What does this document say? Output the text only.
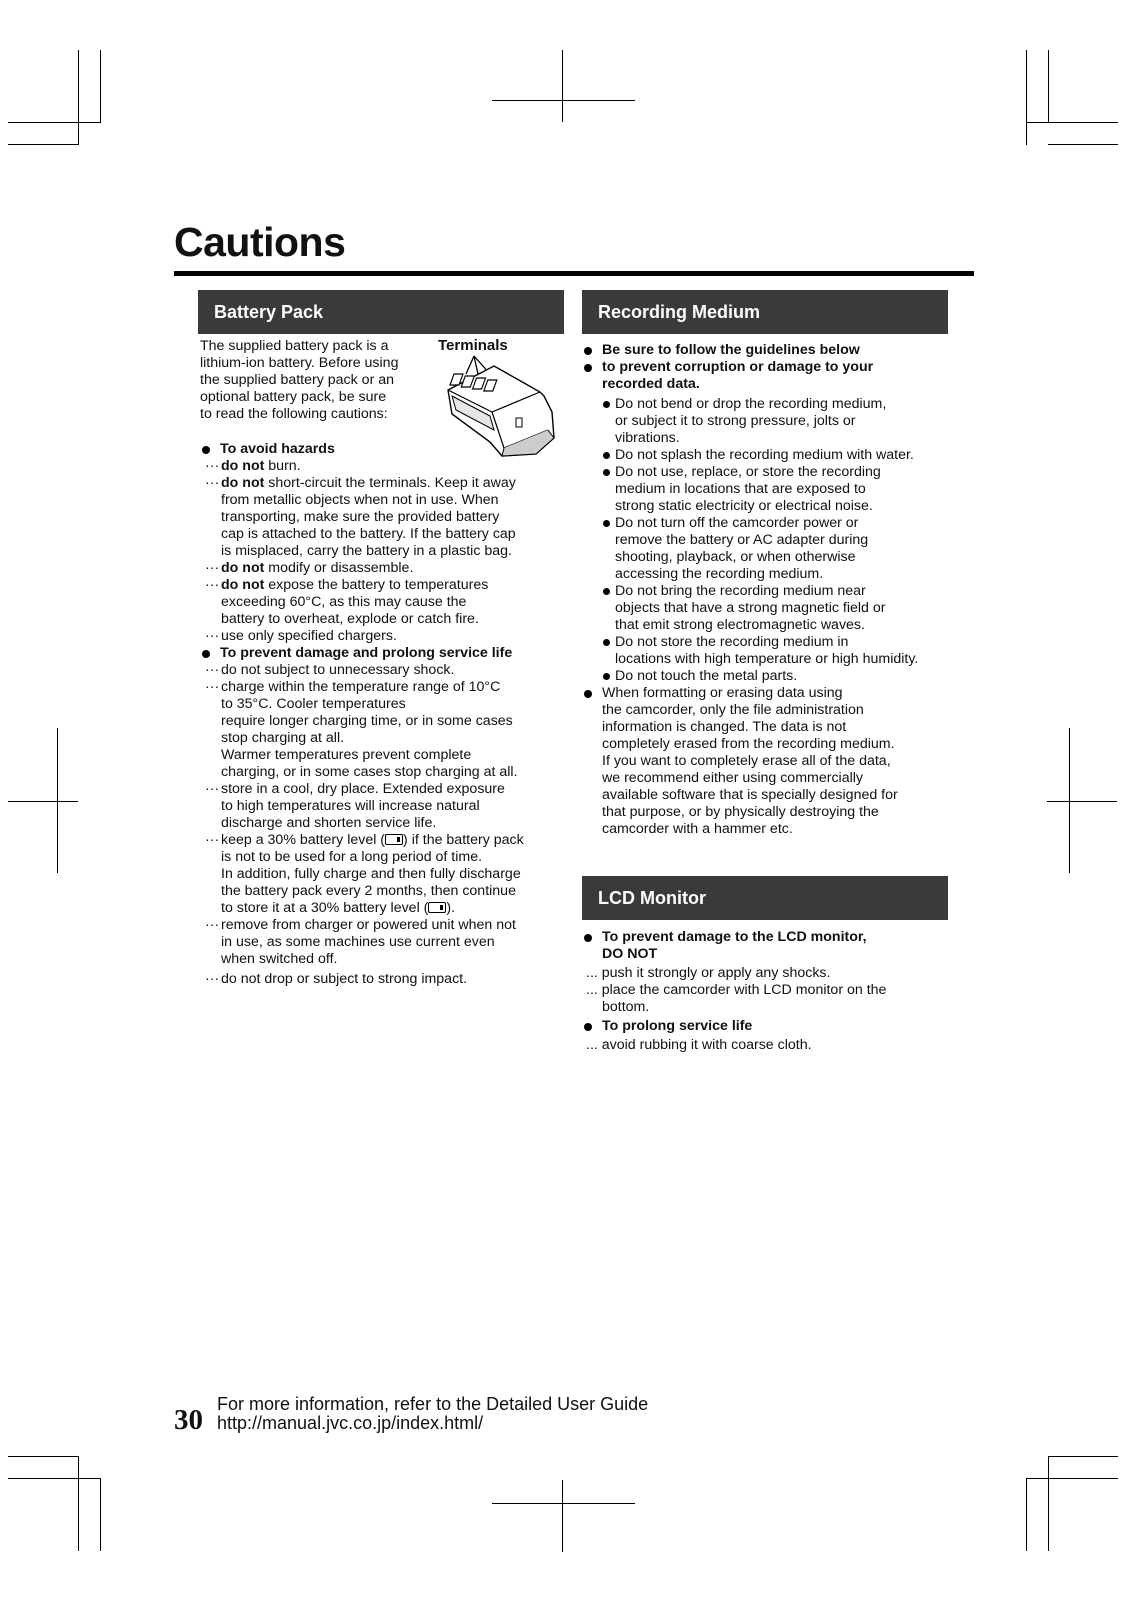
Cautions
Battery Pack

The supplied battery pack is a

lithium-ion battery. Before using

the supplied battery pack or an

optional battery pack, be sure

to read the following cautions:

Terminals

To avoid hazards

··· do not burn.

··· do not short-circuit the terminals. Keep it away

from metallic objects when not in use. When

transporting, make sure the provided battery

cap is attached to the battery. If the battery cap

is misplaced, carry the battery in a plastic bag.

··· do not modify or disassemble.

··· do not expose the battery to temperatures

exceeding 60°C, as this may cause the

battery to overheat, explode or catch fire.

··· use only specified chargers.

To prevent damage and prolong service life

··· do not subject to unnecessary shock.

··· charge within the temperature range of 10°C

to 35°C. Cooler temperatures

require longer charging time, or in some cases

stop charging at all.

Warmer temperatures prevent complete

charging, or in some cases stop charging at all.

··· store in a cool, dry place. Extended exposure

to high temperatures will increase natural

discharge and shorten service life.

··· keep a 30% battery level ( ) if the battery pack

is not to be used for a long period of time.

In addition, fully charge and then fully discharge

the battery pack every 2 months, then continue

to store it at a 30% battery level ( ).

··· remove from charger or powered unit when not

in use, as some machines use current even

when switched off.

··· do not drop or subject to strong impact.

Recording Medium

Be sure to follow the guidelines below

to prevent corruption or damage to your

recorded data.

Do not bend or drop the recording medium,
or subject it to strong pressure, jolts or
vibrations.

Do not splash the recording medium with water.

Do not use, replace, or store the recording
medium in locations that are exposed to
strong static electricity or electrical noise.

Do not turn off the camcorder power or
remove the battery or AC adapter during
shooting, playback, or when otherwise
accessing the recording medium.

Do not bring the recording medium near
objects that have a strong magnetic field or
that emit strong electromagnetic waves.

Do not store the recording medium in
locations with high temperature or high humidity.

Do not touch the metal parts.

When formatting or erasing data using
the camcorder, only the file administration
information is changed. The data is not
completely erased from the recording medium.
If you want to completely erase all of the data,
we recommend either using commercially
available software that is specially designed for
that purpose, or by physically destroying the
camcorder with a hammer etc.

LCD Monitor

To prevent damage to the LCD monitor,
DO NOT

... push it strongly or apply any shocks.

... place the camcorder with LCD monitor on the

bottom.

To prolong service life

... avoid rubbing it with coarse cloth.

30 For more information, refer to the Detailed User Guide
http://manual.jvc.co.jp/index.html/
